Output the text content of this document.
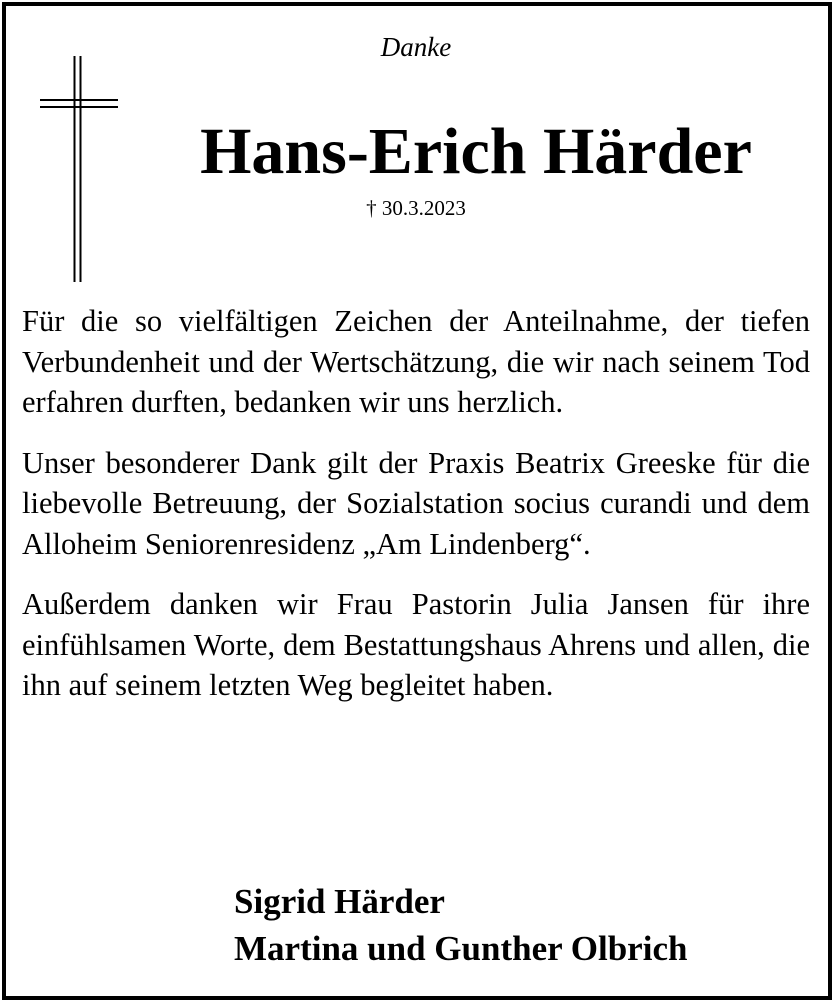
Danke
Hans-Erich Härder
† 30.3.2023

Für die so vielfältigen Zeichen der Anteilnahme, der tiefen Verbundenheit und der Wertschätzung, die wir nach seinem Tod erfahren durften, bedanken wir uns herzlich.

Unser besonderer Dank gilt der Praxis Beatrix Greeske für die liebevolle Betreuung, der Sozialstation socius curandi und dem Alloheim Seniorenresidenz „Am Lindenberg“.

Außerdem danken wir Frau Pastorin Julia Jansen für ihre einfühlsamen Worte, dem Bestattungshaus Ahrens und allen, die ihn auf seinem letzten Weg begleitet haben.

Sigrid Härder
Martina und Gunther Olbrich
